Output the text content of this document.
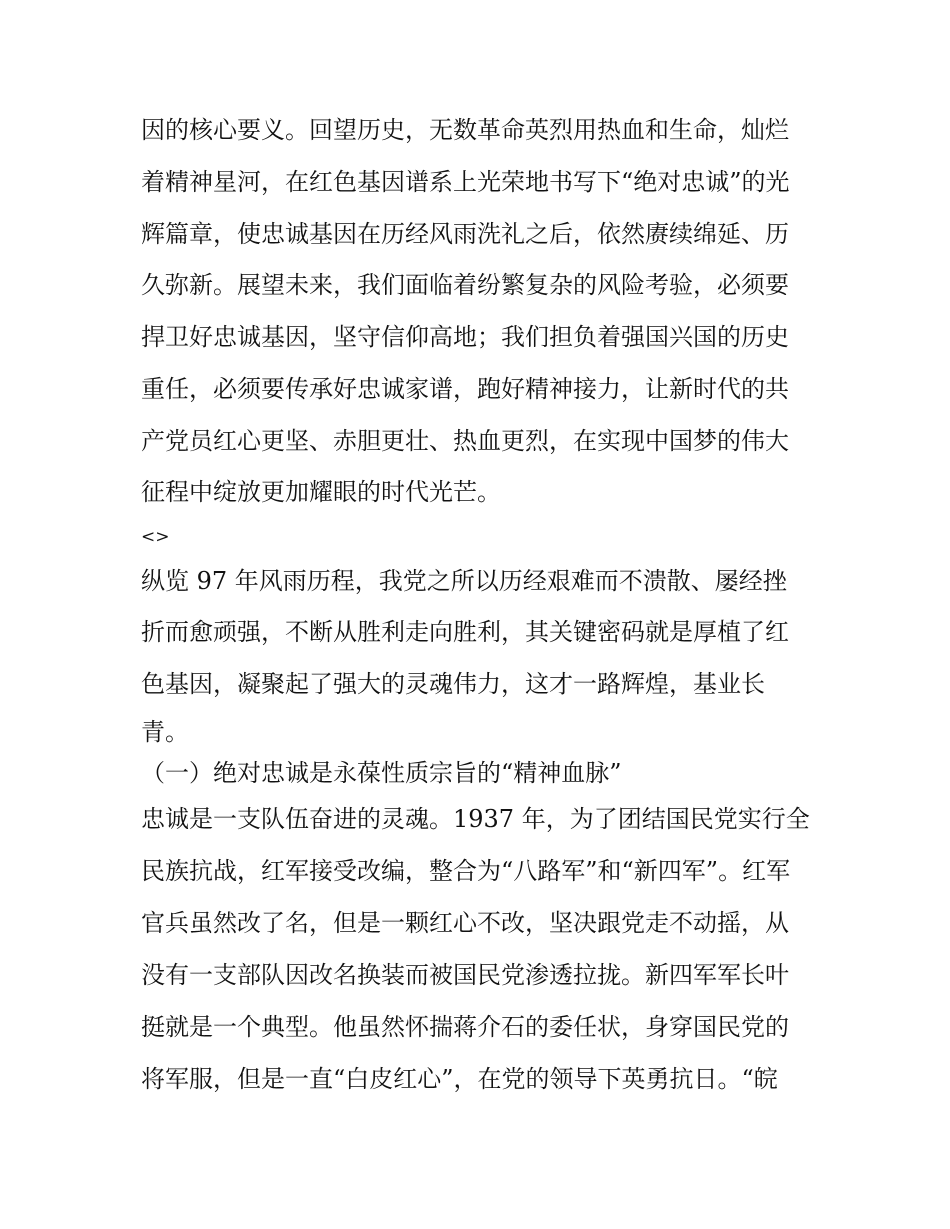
因的核心要义。回望历史，无数革命英烈用热血和生命，灿烂
着精神星河，在红色基因谱系上光荣地书写下“绝对忠诚”的光
辉篇章，使忠诚基因在历经风雨洗礼之后，依然赓续绵延、历
久弥新。展望未来，我们面临着纷繁复杂的风险考验，必须要
捍卫好忠诚基因，坚守信仰高地；我们担负着强国兴国的历史
重任，必须要传承好忠诚家谱，跑好精神接力，让新时代的共
产党员红心更坚、赤胆更壮、热血更烈，在实现中国梦的伟大
征程中绽放更加耀眼的时代光芒。
<>
纵览 97 年风雨历程，我党之所以历经艰难而不溃散、屡经挫
折而愈顽强，不断从胜利走向胜利，其关键密码就是厚植了红
色基因，凝聚起了强大的灵魂伟力，这才一路辉煌，基业长
青。
（一）绝对忠诚是永葆性质宗旨的“精神血脉”
忠诚是一支队伍奋进的灵魂。1937 年，为了团结国民党实行全
民族抗战，红军接受改编，整合为“八路军”和“新四军”。红军
官兵虽然改了名，但是一颗红心不改，坚决跟党走不动摇，从
没有一支部队因改名换装而被国民党渗透拉拢。新四军军长叶
挺就是一个典型。他虽然怀揣蒋介石的委任状，身穿国民党的
将军服，但是一直“白皮红心”，在党的领导下英勇抗日。“皖
